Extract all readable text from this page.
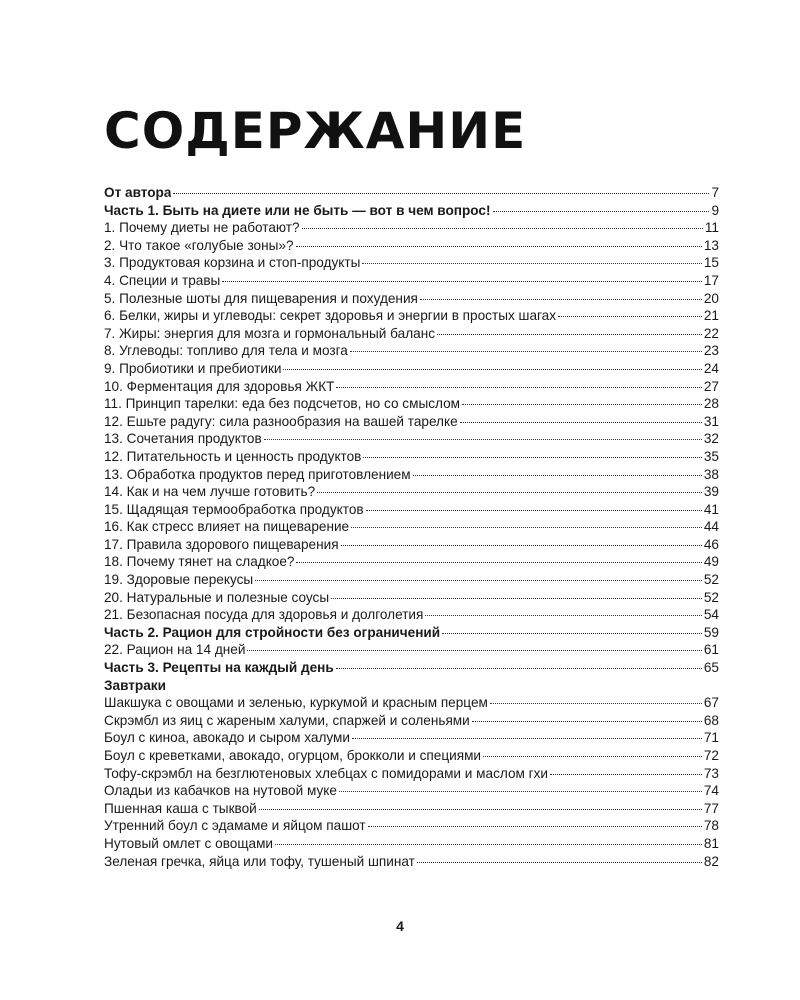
СОДЕРЖАНИЕ
От автора	7
Часть 1. Быть на диете или не быть — вот в чем вопрос!	9
1. Почему диеты не работают?	11
2. Что такое «голубые зоны»?	13
3. Продуктовая корзина и стоп-продукты	15
4. Специи и травы	17
5. Полезные шоты для пищеварения и похудения	20
6. Белки, жиры и углеводы: секрет здоровья и энергии в простых шагах	21
7. Жиры: энергия для мозга и гормональный баланс	22
8. Углеводы: топливо для тела и мозга	23
9. Пробиотики и пребиотики	24
10. Ферментация для здоровья ЖКТ	27
11. Принцип тарелки: еда без подсчетов, но со смыслом	28
12. Ешьте радугу: сила разнообразия на вашей тарелке	31
13. Сочетания продуктов	32
12. Питательность и ценность продуктов	35
13. Обработка продуктов перед приготовлением	38
14. Как и на чем лучше готовить?	39
15. Щадящая термообработка продуктов	41
16. Как стресс влияет на пищеварение	44
17. Правила здорового пищеварения	46
18. Почему тянет на сладкое?	49
19. Здоровые перекусы	52
20. Натуральные и полезные соусы	52
21. Безопасная посуда для здоровья и долголетия	54
Часть 2. Рацион для стройности без ограничений	59
22. Рацион на 14 дней	61
Часть 3. Рецепты на каждый день	65
Завтраки
Шакшука с овощами и зеленью, куркумой и красным перцем	67
Скрэмбл из яиц с жареным халуми, спаржей и соленьями	68
Боул с киноа, авокадо и сыром халуми	71
Боул с креветками, авокадо, огурцом, брокколи и специями	72
Тофу-скрэмбл на безглютеновых хлебцах с помидорами и маслом гхи	73
Оладьи из кабачков на нутовой муке	74
Пшенная каша с тыквой	77
Утренний боул с эдамаме и яйцом пашот	78
Нутовый омлет с овощами	81
Зеленая гречка, яйца или тофу, тушеный шпинат	82
4
